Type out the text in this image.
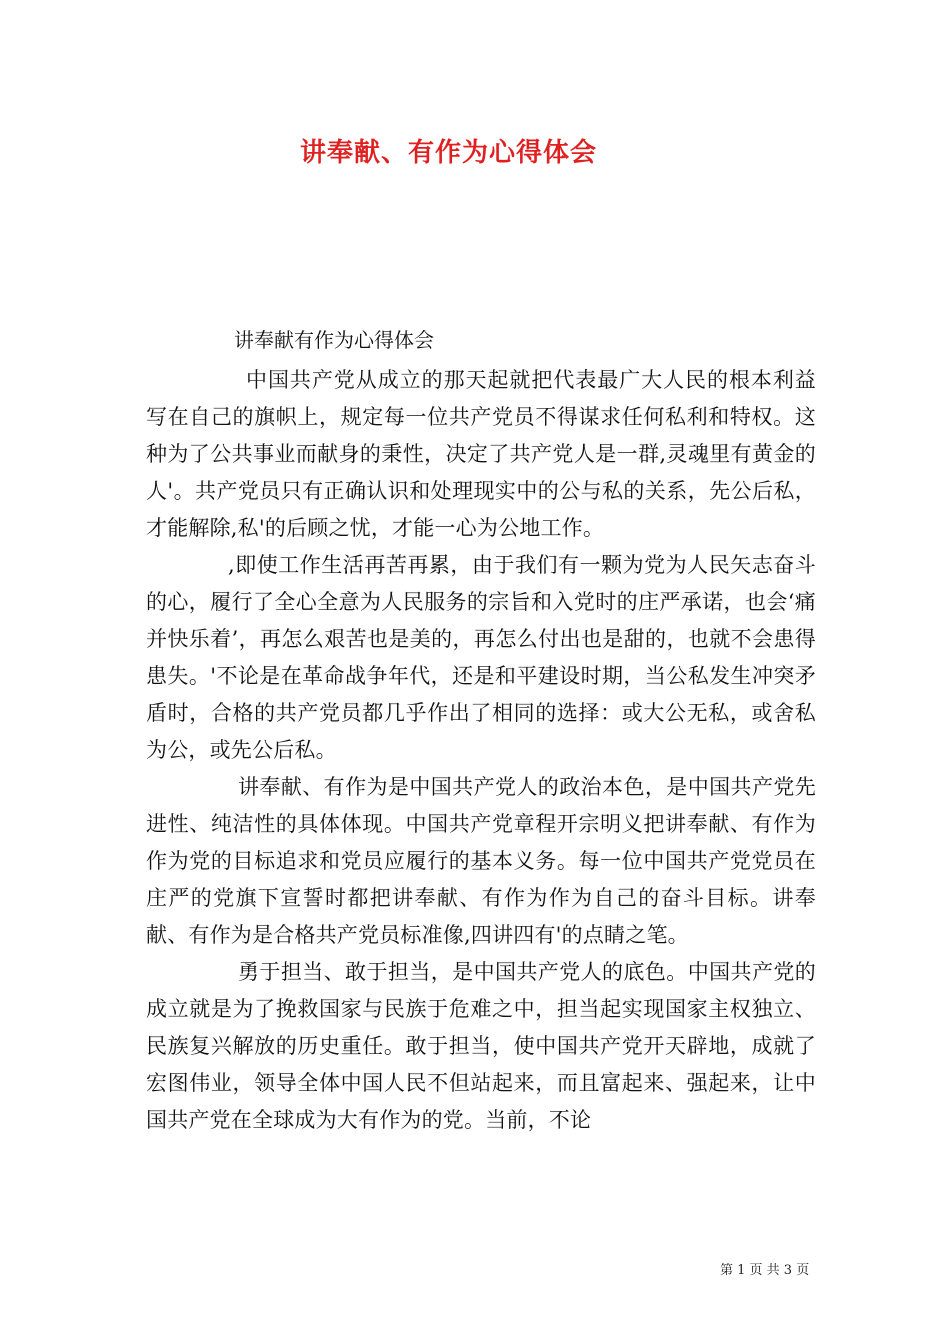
讲奉献、有作为心得体会
讲奉献有作为心得体会

中国共产党从成立的那天起就把代表最广大人民的根本利益写在自己的旗帜上，规定每一位共产党员不得谋求任何私利和特权。这种为了公共事业而献身的秉性，决定了共产党人是一群,灵魂里有黄金的人'。共产党员只有正确认识和处理现实中的公与私的关系，先公后私，才能解除,私'的后顾之忧，才能一心为公地工作。

,即使工作生活再苦再累，由于我们有一颗为党为人民矢志奋斗的心，履行了全心全意为人民服务的宗旨和入党时的庄严承诺，也会‘痛并快乐着’，再怎么艰苦也是美的，再怎么付出也是甜的，也就不会患得患失。'不论是在革命战争年代，还是和平建设时期，当公私发生冲突矛盾时，合格的共产党员都几乎作出了相同的选择：或大公无私，或舍私为公，或先公后私。

讲奉献、有作为是中国共产党人的政治本色，是中国共产党先进性、纯洁性的具体体现。中国共产党章程开宗明义把讲奉献、有作为作为党的目标追求和党员应履行的基本义务。每一位中国共产党党员在庄严的党旗下宣誓时都把讲奉献、有作为作为自己的奋斗目标。讲奉献、有作为是合格共产党员标准像,四讲四有'的点睛之笔。

勇于担当、敢于担当，是中国共产党人的底色。中国共产党的成立就是为了挽救国家与民族于危难之中，担当起实现国家主权独立、民族复兴解放的历史重任。敢于担当，使中国共产党开天辟地，成就了宏图伟业，领导全体中国人民不但站起来，而且富起来、强起来，让中国共产党在全球成为大有作为的党。当前，不论

第 1 页 共 3 页
